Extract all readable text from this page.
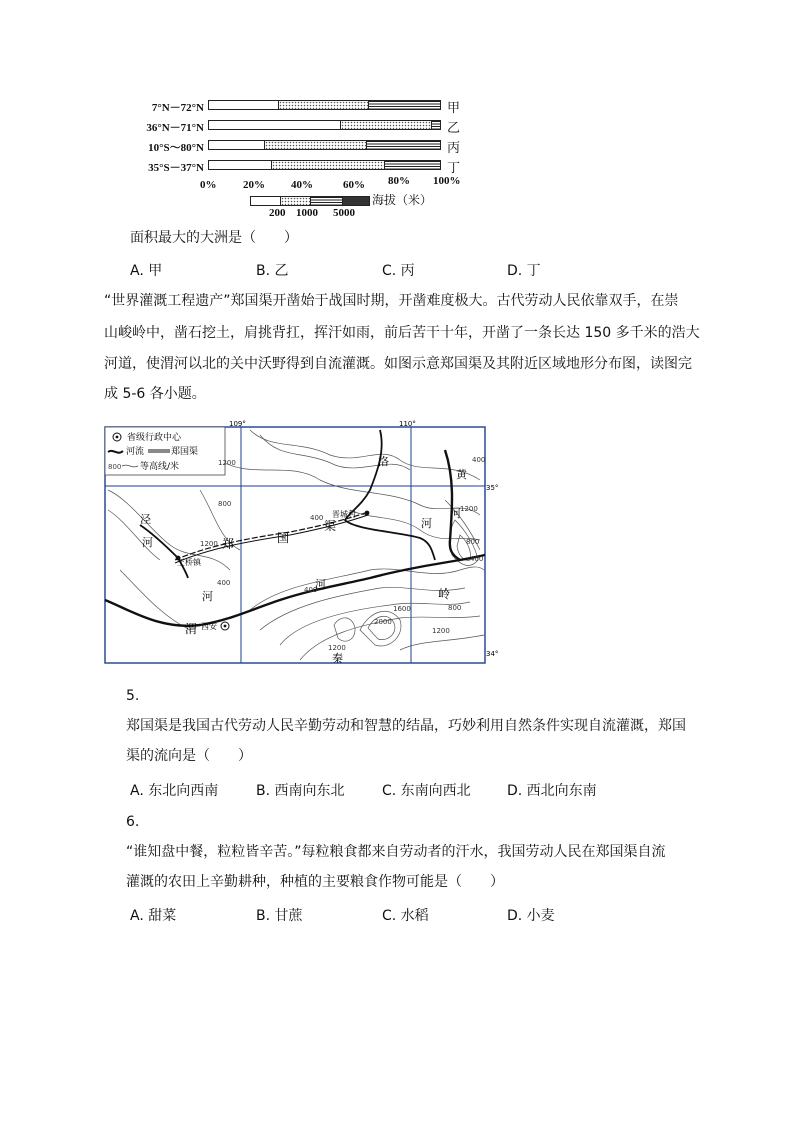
7°N－72°N	甲
36°N－71°N	乙
10°S～80°N	丙
35°S－37°N	丁
0% 20% 40%	60% 80% 100%
海拔（米）
200 1000 5000
面积最大的大洲是（　　）
A. 甲	B. 乙	C. 丙	D. 丁
“世界灌溉工程遗产”郑国渠开凿始于战国时期，开凿难度极大。古代劳动人民依靠双手，在崇
山峻岭中，凿石挖土，肩挑背扛，挥汗如雨，前后苦干十年，开凿了一条长达 150 多千米的浩大
河道，使渭河以北的关中沃野得到自流灌溉。如图示意郑国渠及其附近区域地形分布图，读图完
成 5-6 各小题。
省级行政中心
河流	郑国渠
800 等高线/米
109°	110°
35°
34°
泾
河	郑	国
渠
渭
河
河
岭
秦
黄
河
洛
河
王桥镇
西安
晋城村
1200
800
1200
400
400
400
400
400
800
1200
1600
2000
1200
1200
800
5.
郑国渠是我国古代劳动人民辛勤劳动和智慧的结晶，巧妙利用自然条件实现自流灌溉，郑国
渠的流向是（　　）
A. 东北向西南	B. 西南向东北	C. 东南向西北	D. 西北向东南
6.
“谁知盘中餐，粒粒皆辛苦。”每粒粮食都来自劳动者的汗水，我国劳动人民在郑国渠自流
灌溉的农田上辛勤耕种，种植的主要粮食作物可能是（　　）
A. 甜菜	B. 甘蔗	C. 水稻	D. 小麦
